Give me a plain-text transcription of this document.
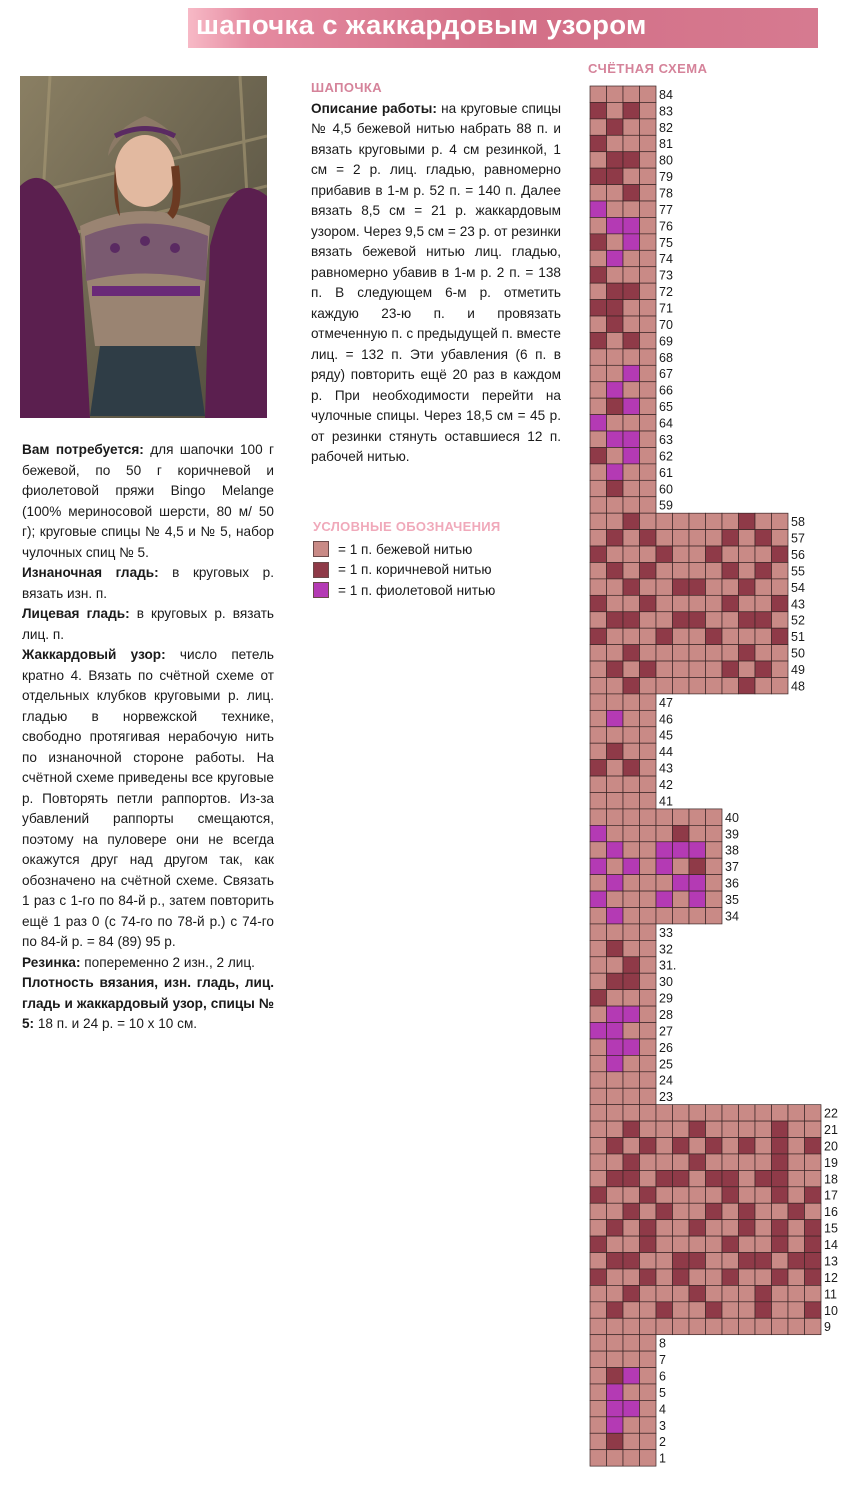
шапочка с жаккардовым узором

Вам потребуется: для шапочки 100 г бежевой, по 50 г коричневой и фиолетовой пряжи Bingo Melange (100% мериносовой шерсти, 80 м/ 50 г); круговые спицы № 4,5 и № 5, набор чулочных спиц № 5.

Изнаночная гладь: в круговых р. вязать изн. п.

Лицевая гладь: в круговых р. вязать лиц. п.

Жаккардовый узор: число петель кратно 4. Вязать по счётной схеме от отдельных клубков круговыми р. лиц. гладью в норвежской технике, свободно протягивая нерабочую нить по изнаночной стороне работы. На счётной схеме приведены все круговые р. Повторять петли раппортов. Из-за убавлений раппорты смещаются, поэтому на пуловере они не всегда окажутся друг над другом так, как обозначено на счётной схеме. Связать 1 раз с 1-го по 84-й р., затем повторить ещё 1 раз 0 (с 74-го по 78-й р.) с 74-го по 84-й р. = 84 (89) 95 р.

Резинка: попеременно 2 изн., 2 лиц.

Плотность вязания, изн. гладь, лиц. гладь и жаккардовый узор, спицы № 5: 18 п. и 24 р. = 10 х 10 см.

ШАПОЧКА

Описание работы: на круговые спицы № 4,5 бежевой нитью набрать 88 п. и вязать круговыми р. 4 см резинкой, 1 см = 2 р. лиц. гладью, равномерно прибавив в 1-м р. 52 п. = 140 п. Далее вязать 8,5 см = 21 р. жаккардовым узором. Через 9,5 см = 23 р. от резинки вязать бежевой нитью лиц. гладью, равномерно убавив в 1-м р. 2 п. = 138 п. В следующем 6-м р. отметить каждую 23-ю п. и провязать отмеченную п. с предыдущей п. вместе лиц. = 132 п. Эти убавления (6 п. в ряду) повторить ещё 20 раз в каждом р. При необходимости перейти на чулочные спицы. Через 18,5 см = 45 р. от резинки стянуть оставшиеся 12 п. рабочей нитью.

УСЛОВНЫЕ ОБОЗНАЧЕНИЯ
= 1 п. бежевой нитью
= 1 п. коричневой нитью
= 1 п. фиолетовой нитью
СЧЁТНАЯ СХЕМА
84
83
82
81
80
79
78
77
76
75
74
73
72
71
70
69
68
67
66
65
64
63
62
61
60
59
58
57
56
55
54
43
52
51
50
49
48
47
46
45
44
43
42
41
40
39
38
37
36
35
34
33
32
31.
30
29
28
27
26
25
24
23
22
21
20
19
18
17
16
15
14
13
12
11
10
9
8
7
6
5
4
3
2
1
